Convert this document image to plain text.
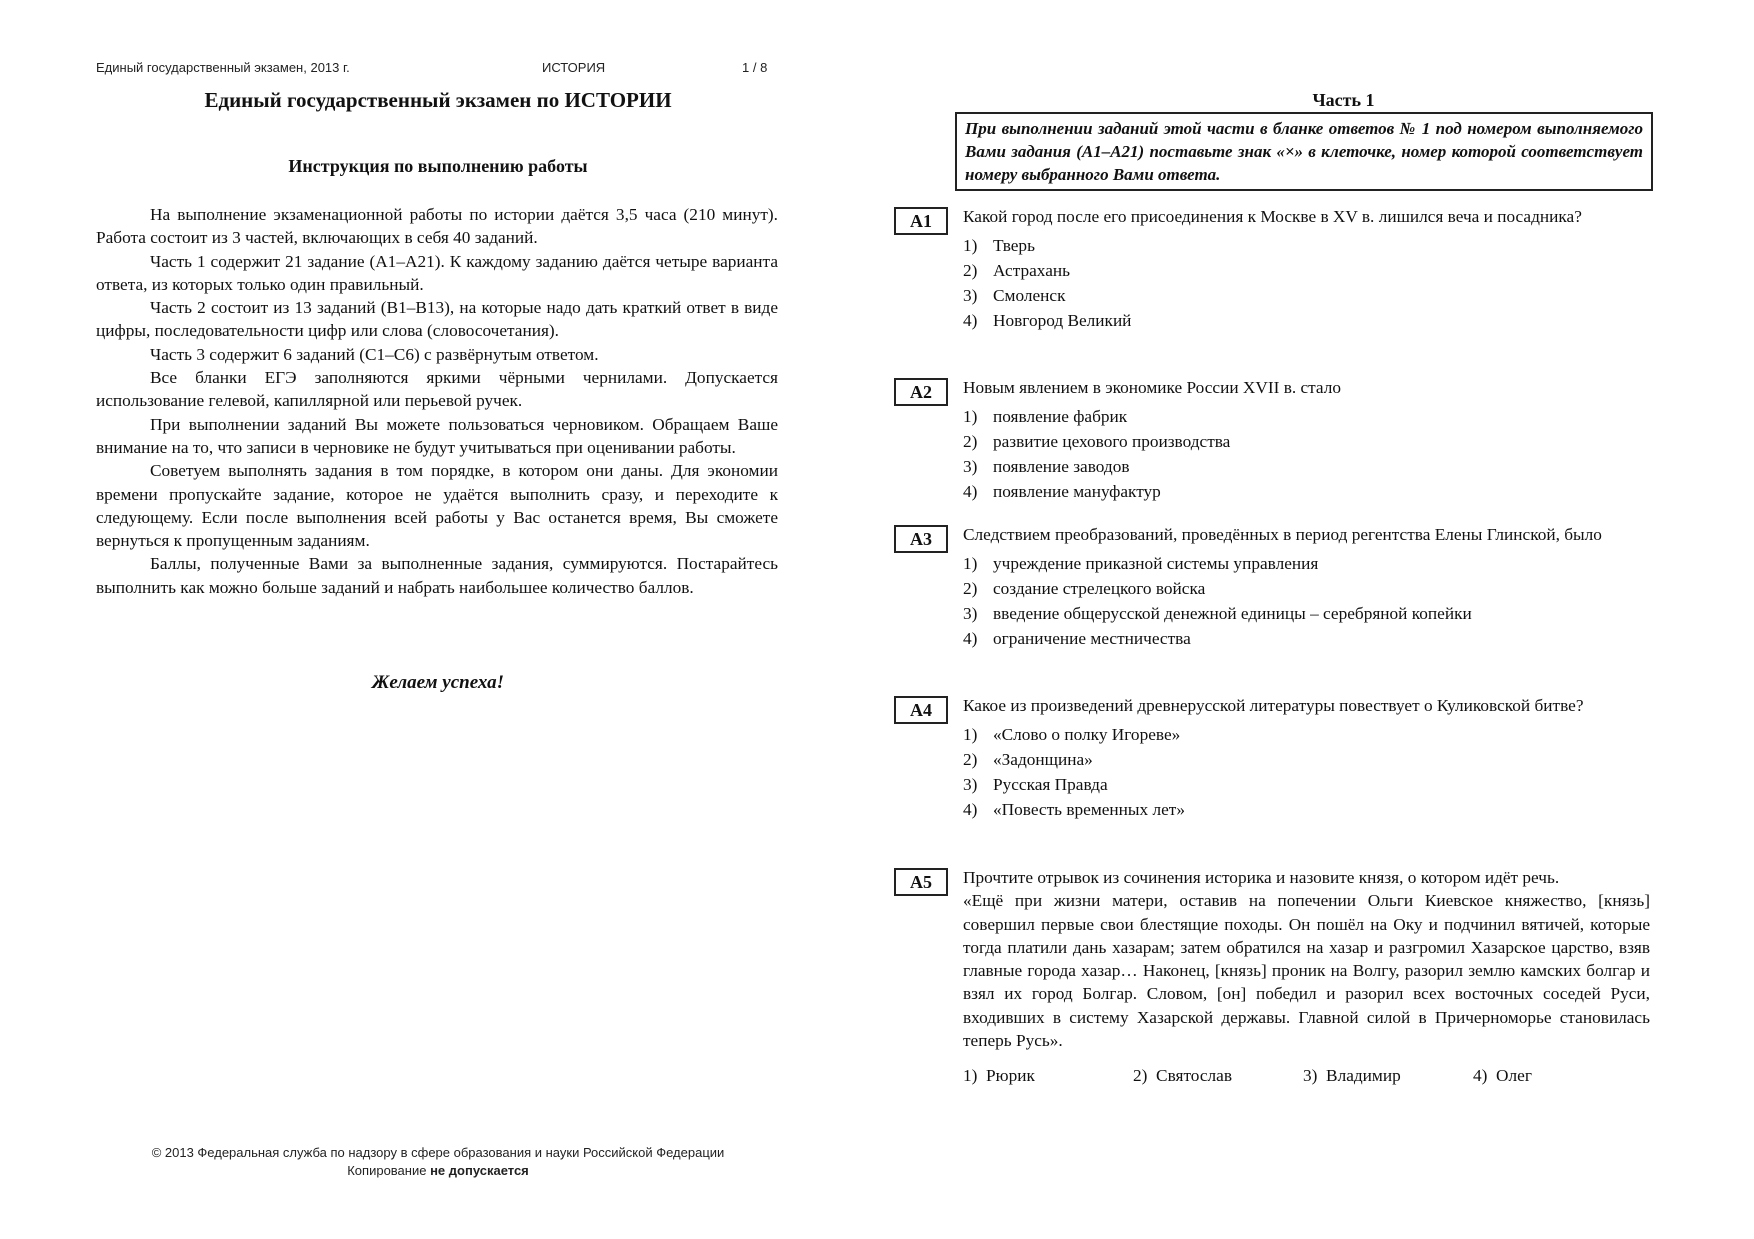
Единый государственный экзамен, 2013 г.	ИСТОРИЯ	1 / 8
Единый государственный экзамен по ИСТОРИИ
Инструкция по выполнению работы

На выполнение экзаменационной работы по истории даётся 3,5 часа (210 минут). Работа состоит из 3 частей, включающих в себя 40 заданий.

Часть 1 содержит 21 задание (А1–А21). К каждому заданию даётся четыре варианта ответа, из которых только один правильный.

Часть 2 состоит из 13 заданий (В1–В13), на которые надо дать краткий ответ в виде цифры, последовательности цифр или слова (словосочетания).

Часть 3 содержит 6 заданий (С1–С6) с развёрнутым ответом.

Все бланки ЕГЭ заполняются яркими чёрными чернилами. Допускается использование гелевой, капиллярной или перьевой ручек.

При выполнении заданий Вы можете пользоваться черновиком. Обращаем Ваше внимание на то, что записи в черновике не будут учитываться при оценивании работы.

Советуем выполнять задания в том порядке, в котором они даны. Для экономии времени пропускайте задание, которое не удаётся выполнить сразу, и переходите к следующему. Если после выполнения всей работы у Вас останется время, Вы сможете вернуться к пропущенным заданиям.

Баллы, полученные Вами за выполненные задания, суммируются. Постарайтесь выполнить как можно больше заданий и набрать наибольшее количество баллов.

Желаем успеха!
© 2013 Федеральная служба по надзору в сфере образования и науки Российской Федерации
Копирование не допускается
Часть 1
При выполнении заданий этой части в бланке ответов № 1 под номером выполняемого Вами задания (А1–А21) поставьте знак «×» в клеточке, номер которой соответствует номеру выбранного Вами ответа.
А1	Какой город после его присоединения к Москве в XV в. лишился веча и посадника?
1) Тверь
2) Астрахань
3) Смоленск
4) Новгород Великий
А2	Новым явлением в экономике России XVII в. стало
1) появление фабрик
2) развитие цехового производства
3) появление заводов
4) появление мануфактур
А3	Следствием преобразований, проведённых в период регентства Елены Глинской, было
1) учреждение приказной системы управления
2) создание стрелецкого войска
3) введение общерусской денежной единицы – серебряной копейки
4) ограничение местничества
А4	Какое из произведений древнерусской литературы повествует о Куликовской битве?
1) «Слово о полку Игореве»
2) «Задонщина»
3) Русская Правда
4) «Повесть временных лет»
А5	Прочтите отрывок из сочинения историка и назовите князя, о котором идёт речь.
«Ещё при жизни матери, оставив на попечении Ольги Киевское княжество, [князь] совершил первые свои блестящие походы. Он пошёл на Оку и подчинил вятичей, которые тогда платили дань хазарам; затем обратился на хазар и разгромил Хазарское царство, взяв главные города хазар… Наконец, [князь] проник на Волгу, разорил землю камских болгар и взял их город Болгар. Словом, [он] победил и разорил всех восточных соседей Руси, входивших в систему Хазарской державы. Главной силой в Причерноморье становилась теперь Русь».
1) Рюрик	2) Святослав	3) Владимир	4) Олег
